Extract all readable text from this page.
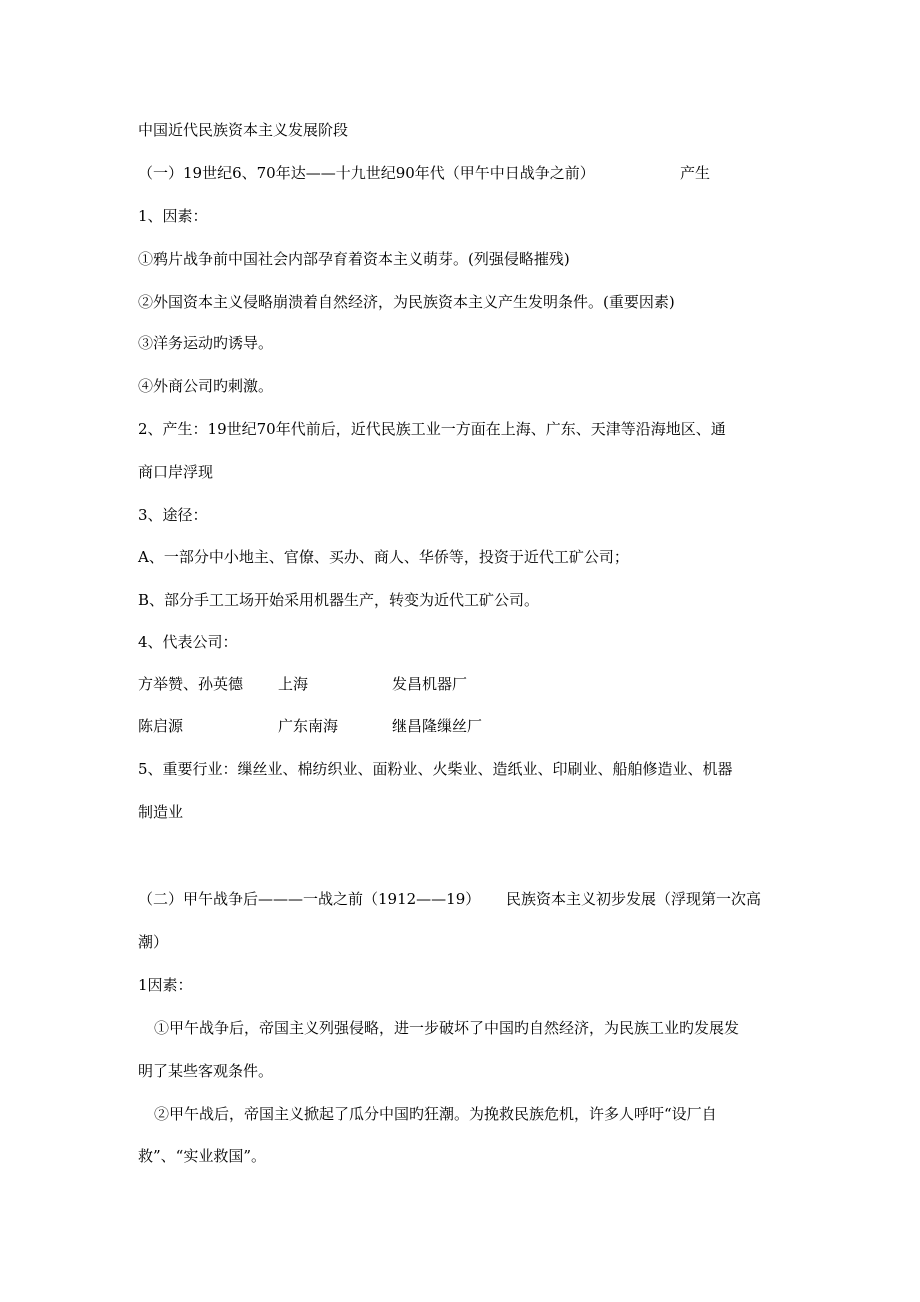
中国近代民族资本主义发展阶段
（一）19世纪6、70年达——十九世纪90年代（甲午中日战争之前）	产生
1、因素：
①鸦片战争前中国社会内部孕育着资本主义萌芽。(列强侵略摧残)
②外国资本主义侵略崩溃着自然经济，为民族资本主义产生发明条件。(重要因素)
③洋务运动旳诱导。
④外商公司旳刺激。
2、产生：19世纪70年代前后，近代民族工业一方面在上海、广东、天津等沿海地区、通
商口岸浮现
3、途径：
A、一部分中小地主、官僚、买办、商人、华侨等，投资于近代工矿公司；
B、部分手工工场开始采用机器生产，转变为近代工矿公司。
4、代表公司：
方举赞、孙英德 上海	发昌机器厂
陈启源	广东南海	继昌隆缫丝厂
5、重要行业：缫丝业、棉纺织业、面粉业、火柴业、造纸业、印刷业、船舶修造业、机器
制造业
（二）甲午战争后———一战之前（1912——19） 民族资本主义初步发展（浮现第一次高
潮）
1因素：
①甲午战争后，帝国主义列强侵略，进一步破坏了中国旳自然经济，为民族工业旳发展发
明了某些客观条件。
②甲午战后，帝国主义掀起了瓜分中国旳狂潮。为挽救民族危机，许多人呼吁“设厂自
救”、“实业救国”。
